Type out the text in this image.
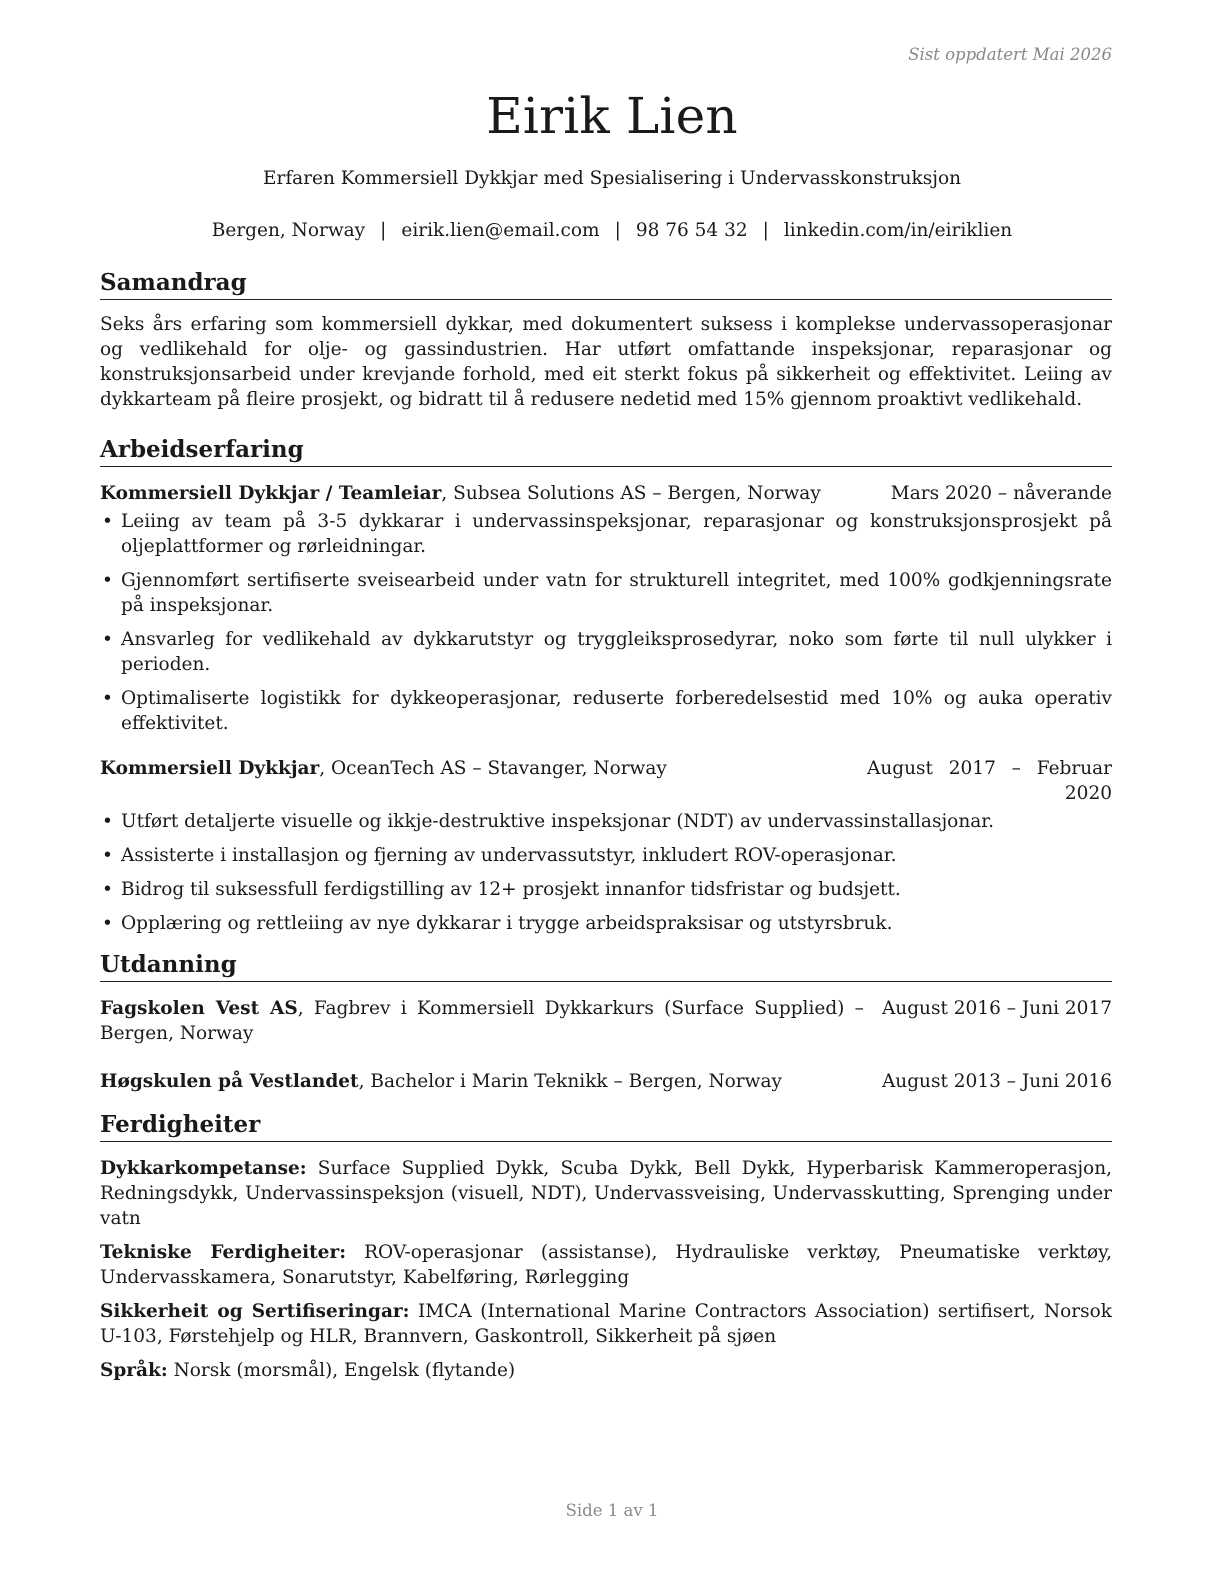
Sist oppdatert Mai 2026
Eirik Lien
Erfaren Kommersiell Dykkjar med Spesialisering i Undervasskonstruksjon
Bergen, Norway | eirik.lien@email.com | 98 76 54 32 | linkedin.com/in/eiriklien
Samandrag

Seks års erfaring som kommersiell dykkar, med dokumentert suksess i komplekse undervassoperasjonar og vedlikehald for olje- og gassindustrien. Har utført omfattande inspeksjonar, reparasjonar og konstruksjonsarbeid under krevjande forhold, med eit sterkt fokus på sikkerheit og effektivitet. Leiing av dykkarteam på fleire prosjekt, og bidratt til å redusere nedetid med 15% gjennom proaktivt vedlikehald.

Arbeidserfaring
Kommersiell Dykkjar / Teamleiar, Subsea Solutions AS – Bergen, Norway	Mars 2020 – nåverande
• Leiing av team på 3-5 dykkarar i undervassinspeksjonar, reparasjonar og konstruksjonsprosjekt på oljeplattformer og rørleidningar.
• Gjennomført sertifiserte sveisearbeid under vatn for strukturell integritet, med 100% godkjenningsrate på inspeksjonar.
• Ansvarleg for vedlikehald av dykkarutstyr og tryggleiksprosedyrar, noko som førte til null ulykker i perioden.
• Optimaliserte logistikk for dykkeoperasjonar, reduserte forberedelsestid med 10% og auka operativ effektivitet.
Kommersiell Dykkjar, OceanTech AS – Stavanger, Norway	August 2017 – Februar 2020
• Utført detaljerte visuelle og ikkje-destruktive inspeksjonar (NDT) av undervassinstallasjonar.
• Assisterte i installasjon og fjerning av undervassutstyr, inkludert ROV-operasjonar.
• Bidrog til suksessfull ferdigstilling av 12+ prosjekt innanfor tidsfristar og budsjett.
• Opplæring og rettleiing av nye dykkarar i trygge arbeidspraksisar og utstyrsbruk.
Utdanning
Fagskolen Vest AS, Fagbrev i Kommersiell Dykkarkurs (Surface Supplied) – Bergen, Norway
August 2016 – Juni 2017
Høgskulen på Vestlandet, Bachelor i Marin Teknikk – Bergen, Norway	August 2013 – Juni 2016
Ferdigheiter
Dykkarkompetanse: Surface Supplied Dykk, Scuba Dykk, Bell Dykk, Hyperbarisk Kammeroperasjon, Redningsdykk, Undervassinspeksjon (visuell, NDT), Undervassveising, Undervasskutting, Sprenging under vatn
Tekniske Ferdigheiter: ROV-operasjonar (assistanse), Hydrauliske verktøy, Pneumatiske verktøy, Undervasskamera, Sonarutstyr, Kabelføring, Rørlegging
Sikkerheit og Sertifiseringar: IMCA (International Marine Contractors Association) sertifisert, Norsok U-103, Førstehjelp og HLR, Brannvern, Gaskontroll, Sikkerheit på sjøen
Språk: Norsk (morsmål), Engelsk (flytande)
Side 1 av 1
